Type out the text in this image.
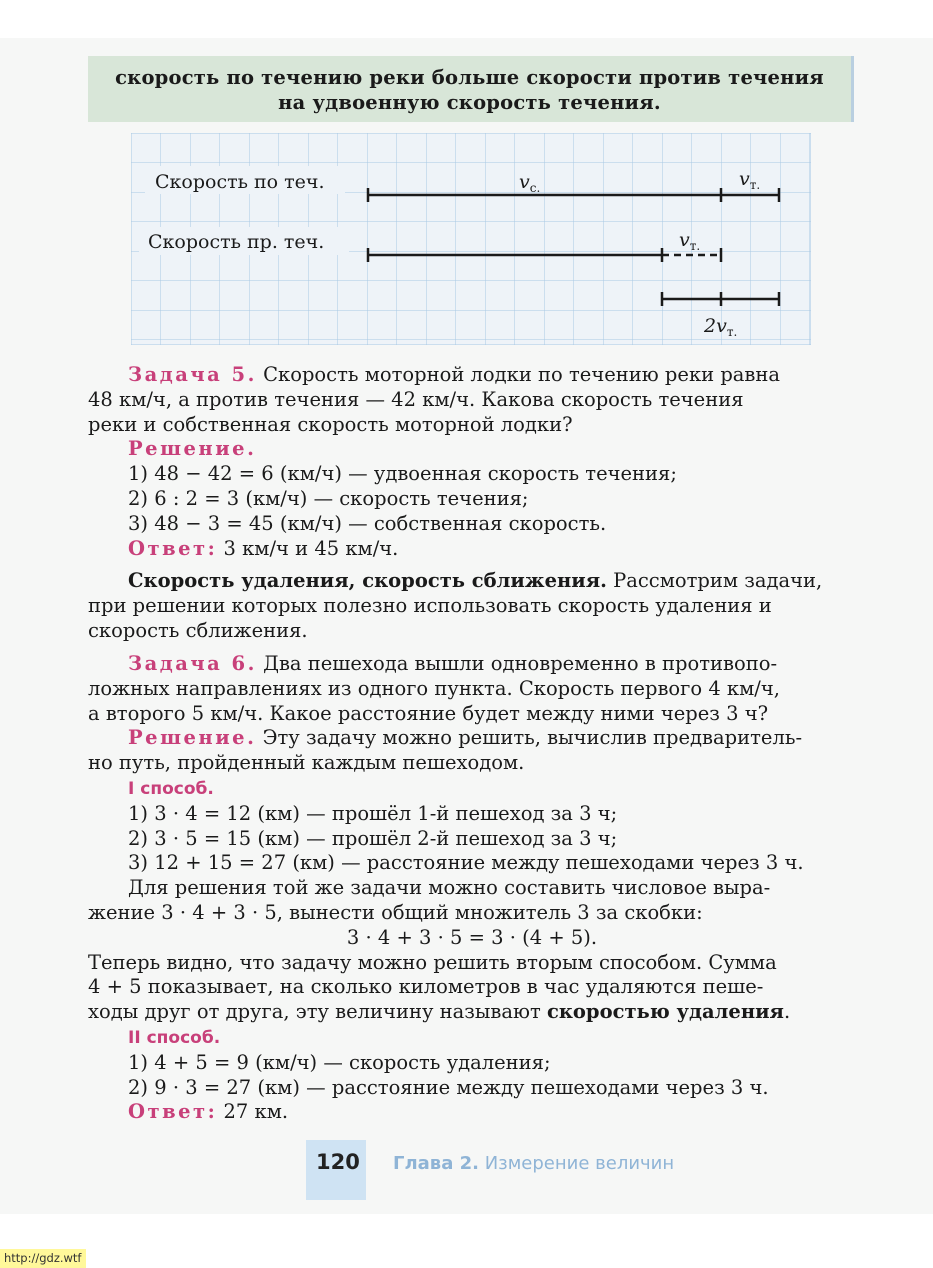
скорость по течению реки больше скорости против течения
на удвоенную скорость течения.
Скорость по теч.
Скорость пр. теч.
$v_{с.}$	$v_{т.}$
$v_{т.}$
$2v_{т.}$

Задача 5. Скорость моторной лодки по течению реки равна

48 км/ч, а против течения — 42 км/ч. Какова скорость течения

реки и собственная скорость моторной лодки?

Решение.

1) 48 − 42 = 6 (км/ч) — удвоенная скорость течения;

2) 6 : 2 = 3 (км/ч) — скорость течения;

3) 48 − 3 = 45 (км/ч) — собственная скорость.

Ответ: 3 км/ч и 45 км/ч.

Скорость удаления, скорость сближения. Рассмотрим задачи,

при решении которых полезно использовать скорость удаления и

скорость сближения.

Задача 6. Два пешехода вышли одновременно в противопо-

ложных направлениях из одного пункта. Скорость первого 4 км/ч,

а второго 5 км/ч. Какое расстояние будет между ними через 3 ч?

Решение. Эту задачу можно решить, вычислив предваритель-

но путь, пройденный каждым пешеходом.

I способ.

1) 3 · 4 = 12 (км) — прошёл 1-й пешеход за 3 ч;

2) 3 · 5 = 15 (км) — прошёл 2-й пешеход за 3 ч;

3) 12 + 15 = 27 (км) — расстояние между пешеходами через 3 ч.

Для решения той же задачи можно составить числовое выра-

жение 3 · 4 + 3 · 5, вынести общий множитель 3 за скобки:

3 · 4 + 3 · 5 = 3 · (4 + 5).

Теперь видно, что задачу можно решить вторым способом. Сумма

4 + 5 показывает, на сколько километров в час удаляются пеше-

ходы друг от друга, эту величину называют скоростью удаления.

II способ.

1) 4 + 5 = 9 (км/ч) — скорость удаления;

2) 9 · 3 = 27 (км) — расстояние между пешеходами через 3 ч.

Ответ: 27 км.

120 Глава 2. Измерение величин
http://gdz.wtf
